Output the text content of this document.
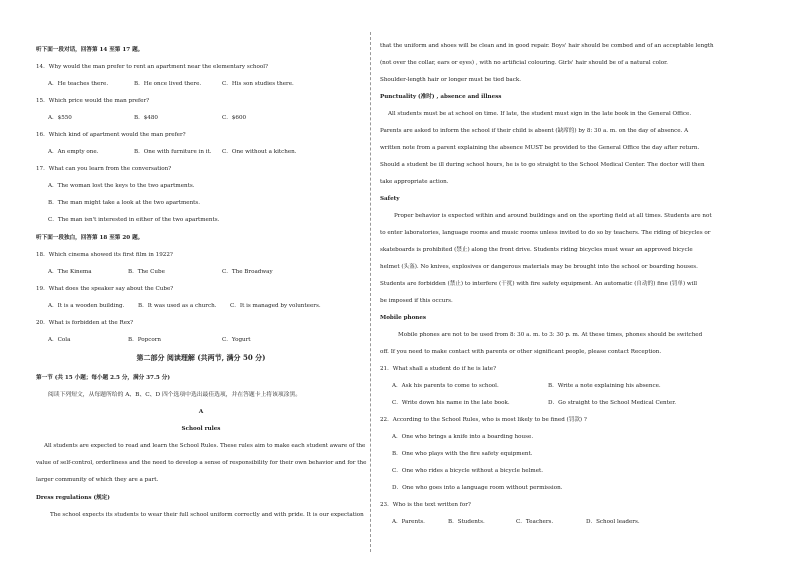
听下面一段对话，回答第 14 至第 17 题。
14．Why would the man prefer to rent an apartment near the elementary school?
A．He teaches there.	B．He once lived there.	C．His son studies there.
15．Which price would the man prefer?
A．$550	B．$480	C．$600
16．Which kind of apartment would the man prefer?
A．An empty one.	B．One with furniture in it. C．One without a kitchen.
17．What can you learn from the conversation?
A．The woman lost the keys to the two apartments.
B．The man might take a look at the two apartments.
C．The man isn't interested in either of the two apartments.
听下面一段独白，回答第 18 至第 20 题。
18．Which cinema showed its first film in 1922?
A．The Kinema	B．The Cube	C．The Broadway
19．What does the speaker say about the Cube?
A．It is a wooden building. B．It was used as a church. C．It is managed by volunteers.
20．What is forbidden at the Rex?
A．Cola	B．Popcorn	C．Yogurt
第二部分 阅读理解 (共两节, 满分 50 分)
第一节 (共 15 小题；每小题 2.5 分，满分 37.5 分)
阅读下列短文，从每题所给的 A、B、C、D 四个选项中选出最佳选项，并在答题卡上将该项涂黑。
A
School rules
All students are expected to read and learn the School Rules. These rules aim to make each student aware of the
value of self-control, orderliness and the need to develop a sense of responsibility for their own behavior and for the
larger community of which they are a part.
Dress regulations (规定)
The school expects its students to wear their full school uniform correctly and with pride. It is our expectation
that the uniform and shoes will be clean and in good repair. Boys' hair should be combed and of an acceptable length
(not over the collar, ears or eyes) , with no artificial colouring. Girls' hair should be of a natural color.
Shoulder-length hair or longer must be tied back.
Punctuality (准时) , absence and illness
All students must be at school on time. If late, the student must sign in the late book in the General Office.
Parents are asked to inform the school if their child is absent (缺席的) by 8: 30 a. m. on the day of absence. A
written note from a parent explaining the absence MUST be provided to the General Office the day after return.
Should a student be ill during school hours, he is to go straight to the School Medical Center. The doctor will then
take appropriate action.
Safety
Proper behavior is expected within and around buildings and on the sporting field at all times. Students are not
to enter laboratories, language rooms and music rooms unless invited to do so by teachers. The riding of bicycles or
skateboards is prohibited (禁止) along the front drive. Students riding bicycles must wear an approved bicycle
helmet (头盔). No knives, explosives or dangerous materials may be brought into the school or boarding houses.
Students are forbidden (禁止) to interfere (干扰) with fire safety equipment. An automatic (自动的) fine (罚单) will
be imposed if this occurs.
Mobile phones
Mobile phones are not to be used from 8: 30 a. m. to 3: 30 p. m. At these times, phones should be switched
off. If you need to make contact with parents or other significant people, please contact Reception.
21．What shall a student do if he is late?
A．Ask his parents to come to school.	B．Write a note explaining his absence.
C．Write down his name in the late book.	D．Go straight to the School Medical Center.
22．According to the School Rules, who is most likely to be fined (罚款) ?
A．One who brings a knife into a boarding house.
B．One who plays with the fire safety equipment.
C．One who rides a bicycle without a bicycle helmet.
D．One who goes into a language room without permission.
23．Who is the text written for?
A．Parents.	B．Students.	C．Teachers.	D．School leaders.
